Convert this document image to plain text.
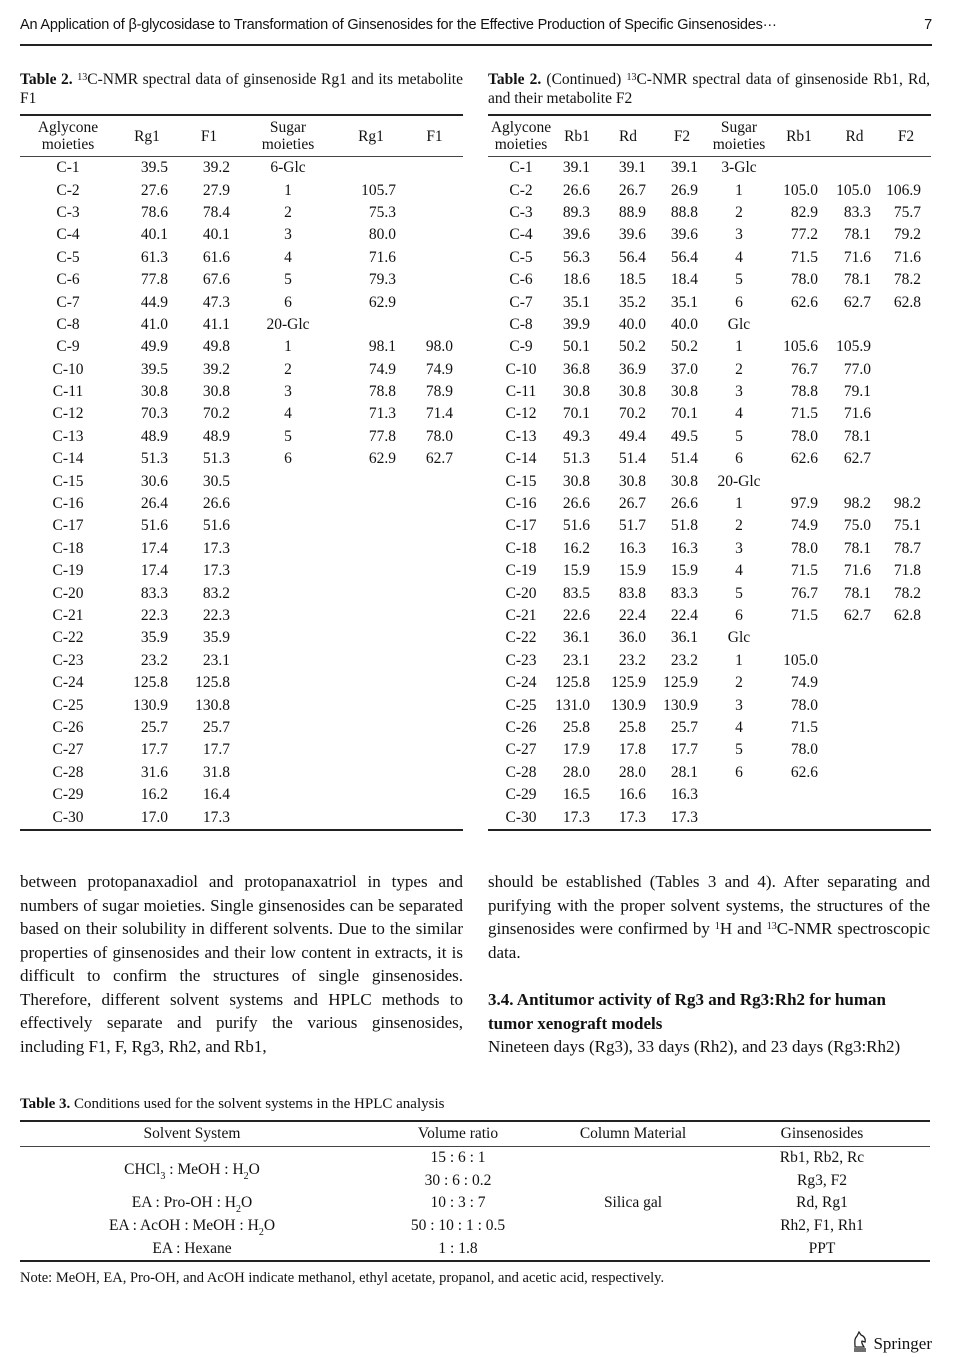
An Application of β-glycosidase to Transformation of Ginsenosides for the Effective Production of Specific Ginsenosides···	7
Table 2. $^{13}$C-NMR spectral data of ginsenoside Rg1 and its metabolite F1
Aglycone
moieties	Rg1	F1	Sugar
moieties	Rg1	F1
C-1	39.5	39.2	6-Glc		
C-2	27.6	27.9	1	105.7	
C-3	78.6	78.4	2	75.3	
C-4	40.1	40.1	3	80.0	
C-5	61.3	61.6	4	71.6	
C-6	77.8	67.6	5	79.3	
C-7	44.9	47.3	6	62.9	
C-8	41.0	41.1	20-Glc		
C-9	49.9	49.8	1	98.1	98.0
C-10	39.5	39.2	2	74.9	74.9
C-11	30.8	30.8	3	78.8	78.9
C-12	70.3	70.2	4	71.3	71.4
C-13	48.9	48.9	5	77.8	78.0
C-14	51.3	51.3	6	62.9	62.7
C-15	30.6	30.5			
C-16	26.4	26.6			
C-17	51.6	51.6			
C-18	17.4	17.3			
C-19	17.4	17.3			
C-20	83.3	83.2			
C-21	22.3	22.3			
C-22	35.9	35.9			
C-23	23.2	23.1			
C-24	125.8	125.8			
C-25	130.9	130.8			
C-26	25.7	25.7			
C-27	17.7	17.7			
C-28	31.6	31.8			
C-29	16.2	16.4			
C-30	17.0	17.3			
Table 2. (Continued) $^{13}$C-NMR spectral data of ginsenoside Rb1, Rd, and their metabolite F2
Aglycone
moieties	Rb1	Rd	F2	Sugar
moieties	Rb1	Rd	F2
C-1	39.1	39.1	39.1	3-Glc			
C-2	26.6	26.7	26.9	1	105.0	105.0	106.9
C-3	89.3	88.9	88.8	2	82.9	83.3	75.7
C-4	39.6	39.6	39.6	3	77.2	78.1	79.2
C-5	56.3	56.4	56.4	4	71.5	71.6	71.6
C-6	18.6	18.5	18.4	5	78.0	78.1	78.2
C-7	35.1	35.2	35.1	6	62.6	62.7	62.8
C-8	39.9	40.0	40.0	Glc			
C-9	50.1	50.2	50.2	1	105.6	105.9	
C-10	36.8	36.9	37.0	2	76.7	77.0	
C-11	30.8	30.8	30.8	3	78.8	79.1	
C-12	70.1	70.2	70.1	4	71.5	71.6	
C-13	49.3	49.4	49.5	5	78.0	78.1	
C-14	51.3	51.4	51.4	6	62.6	62.7	
C-15	30.8	30.8	30.8	20-Glc			
C-16	26.6	26.7	26.6	1	97.9	98.2	98.2
C-17	51.6	51.7	51.8	2	74.9	75.0	75.1
C-18	16.2	16.3	16.3	3	78.0	78.1	78.7
C-19	15.9	15.9	15.9	4	71.5	71.6	71.8
C-20	83.5	83.8	83.3	5	76.7	78.1	78.2
C-21	22.6	22.4	22.4	6	71.5	62.7	62.8
C-22	36.1	36.0	36.1	Glc			
C-23	23.1	23.2	23.2	1	105.0		
C-24	125.8	125.9	125.9	2	74.9		
C-25	131.0	130.9	130.9	3	78.0		
C-26	25.8	25.8	25.7	4	71.5		
C-27	17.9	17.8	17.7	5	78.0		
C-28	28.0	28.0	28.1	6	62.6		
C-29	16.5	16.6	16.3				
C-30	17.3	17.3	17.3				
between protopanaxadiol and protopanaxatriol in types and numbers of sugar moieties. Single ginsenosides can be separated based on their solubility in different solvents. Due to the similar properties of ginsenosides and their low content in extracts, it is difficult to confirm the structures of single ginsenosides. Therefore, different solvent systems and HPLC methods to effectively separate and purify the various ginsenosides, including F1, F, Rg3, Rh2, and Rb1,
should be established (Tables 3 and 4). After separating and purifying with the proper solvent systems, the structures of the ginsenosides were confirmed by $^1$H and $^{13}$C-NMR spectroscopic data.
3.4. Antitumor activity of Rg3 and Rg3:Rh2 for human tumor xenograft models
Nineteen days (Rg3), 33 days (Rh2), and 23 days (Rg3:Rh2)
Table 3. Conditions used for the solvent systems in the HPLC analysis
Solvent System	Volume ratio	Column Material	Ginsenosides
CHCl$_3$ : MeOH : $H_2O$	15 : 6 : 1	Silica gal	Rb1, Rb2, Rc
	30 : 6 : 0.2		Rg3, F2
EA : Pro-OH : $H_2O$	10 : 3 : 7		Rd, Rg1
EA : AcOH : MeOH : $H_2O$	50 : 10 : 1 : 0.5		Rh2, F1, Rh1
EA : Hexane	1 : 1.8		PPT
Note: MeOH, EA, Pro-OH, and AcOH indicate methanol, ethyl acetate, propanol, and acetic acid, respectively.
Springer
